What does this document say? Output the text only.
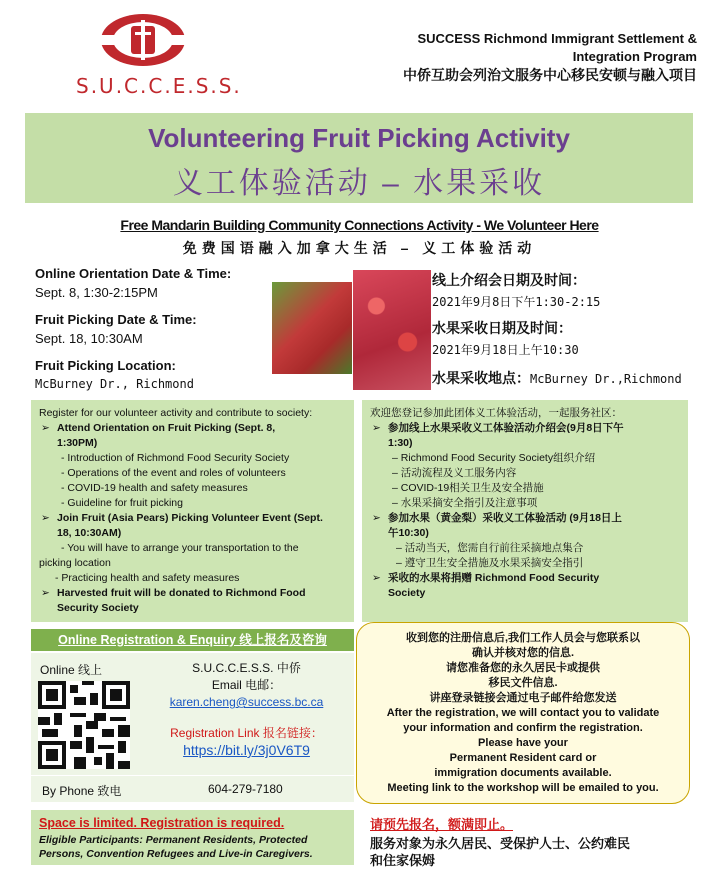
S.U.C.C.E.S.S.
SUCCESS Richmond Immigrant Settlement &
Integration Program
中侨互助会列治文服务中心移民安顿与融入项目
Volunteering Fruit Picking Activity
义工体验活动 – 水果采收
Free Mandarin Building Community Connections Activity - We Volunteer Here
免费国语融入加拿大生活 – 义工体验活动
Online Orientation Date & Time:
Sept. 8, 1:30-2:15PM
Fruit Picking Date & Time:
Sept. 18, 10:30AM
Fruit Picking Location:
McBurney Dr., Richmond
线上介绍会日期及时间：
2021年9月8日下午1:30-2:15
水果采收日期及时间：
2021年9月18日上午10:30
水果采收地点：McBurney Dr.,Richmond
Register for our volunteer activity and contribute to society:
➢ Attend Orientation on Fruit Picking (Sept. 8,
1:30PM)
- Introduction of Richmond Food Security Society
- Operations of the event and roles of volunteers
- COVID-19 health and safety measures
- Guideline for fruit picking
➢ Join Fruit (Asia Pears) Picking Volunteer Event (Sept.
18, 10:30AM)
- You will have to arrange your transportation to the
picking location
- Practicing health and safety measures
➢ Harvested fruit will be donated to Richmond Food
Security Society
欢迎您登记参加此团体义工体验活动，一起服务社区：
➢ 参加线上水果采收义工体验活动介绍会(9月8日下午
1:30)
– Richmond Food Security Society组织介绍
– 活动流程及义工服务内容
– COVID-19相关卫生及安全措施
– 水果采摘安全指引及注意事项
➢ 参加水果（黄金梨）采收义工体验活动 (9月18日上
午10:30)
– 活动当天，您需自行前往采摘地点集合
– 遵守卫生安全措施及水果采摘安全指引
➢ 采收的水果将捐赠 Richmond Food Security
Society
Online Registration & Enquiry 线上报名及咨询
Online 线上	S.U.C.C.E.S.S. 中侨
Email 电邮：
karen.cheng@success.bc.ca
Registration Link 报名链接：
https://bit.ly/3j0V6T9
By Phone 致电	604-279-7180
收到您的注册信息后,我们工作人员会与您联系以
确认并核对您的信息.
请您准备您的永久居民卡或提供
移民文件信息.
讲座登录链接会通过电子邮件给您发送
After the registration, we will contact you to validate
your information and confirm the registration.
Please have your
Permanent Resident card or
immigration documents available.
Meeting link to the workshop will be emailed to you.
Space is limited. Registration is required.
Eligible Participants: Permanent Residents, Protected
Persons, Convention Refugees and Live-in Caregivers.
请预先报名，额满即止。
服务对象为永久居民、受保护人士、公约难民
和住家保姆
